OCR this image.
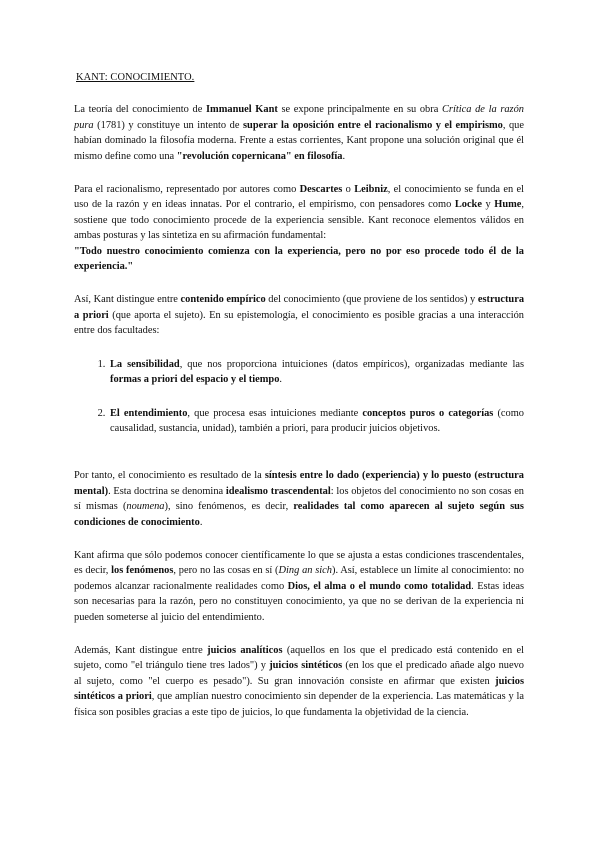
KANT: CONOCIMIENTO.

La teoría del conocimiento de Immanuel Kant se expone principalmente en su obra Crítica de la razón pura (1781) y constituye un intento de superar la oposición entre el racionalismo y el empirismo, que habían dominado la filosofía moderna. Frente a estas corrientes, Kant propone una solución original que él mismo define como una "revolución copernicana" en filosofía.

Para el racionalismo, representado por autores como Descartes o Leibniz, el conocimiento se funda en el uso de la razón y en ideas innatas. Por el contrario, el empirismo, con pensadores como Locke y Hume, sostiene que todo conocimiento procede de la experiencia sensible. Kant reconoce elementos válidos en ambas posturas y las sintetiza en su afirmación fundamental:
"Todo nuestro conocimiento comienza con la experiencia, pero no por eso procede todo él de la experiencia."

Así, Kant distingue entre contenido empírico del conocimiento (que proviene de los sentidos) y estructura a priori (que aporta el sujeto). En su epistemología, el conocimiento es posible gracias a una interacción entre dos facultades:

1. La sensibilidad, que nos proporciona intuiciones (datos empíricos), organizadas mediante las formas a priori del espacio y el tiempo.
2. El entendimiento, que procesa esas intuiciones mediante conceptos puros o categorías (como causalidad, sustancia, unidad), también a priori, para producir juicios objetivos.

Por tanto, el conocimiento es resultado de la síntesis entre lo dado (experiencia) y lo puesto (estructura mental). Esta doctrina se denomina idealismo trascendental: los objetos del conocimiento no son cosas en sí mismas (noumena), sino fenómenos, es decir, realidades tal como aparecen al sujeto según sus condiciones de conocimiento.

Kant afirma que sólo podemos conocer científicamente lo que se ajusta a estas condiciones trascendentales, es decir, los fenómenos, pero no las cosas en sí (Ding an sich). Así, establece un límite al conocimiento: no podemos alcanzar racionalmente realidades como Dios, el alma o el mundo como totalidad. Estas ideas son necesarias para la razón, pero no constituyen conocimiento, ya que no se derivan de la experiencia ni pueden someterse al juicio del entendimiento.

Además, Kant distingue entre juicios analíticos (aquellos en los que el predicado está contenido en el sujeto, como "el triángulo tiene tres lados") y juicios sintéticos (en los que el predicado añade algo nuevo al sujeto, como "el cuerpo es pesado"). Su gran innovación consiste en afirmar que existen juicios sintéticos a priori, que amplían nuestro conocimiento sin depender de la experiencia. Las matemáticas y la física son posibles gracias a este tipo de juicios, lo que fundamenta la objetividad de la ciencia.
